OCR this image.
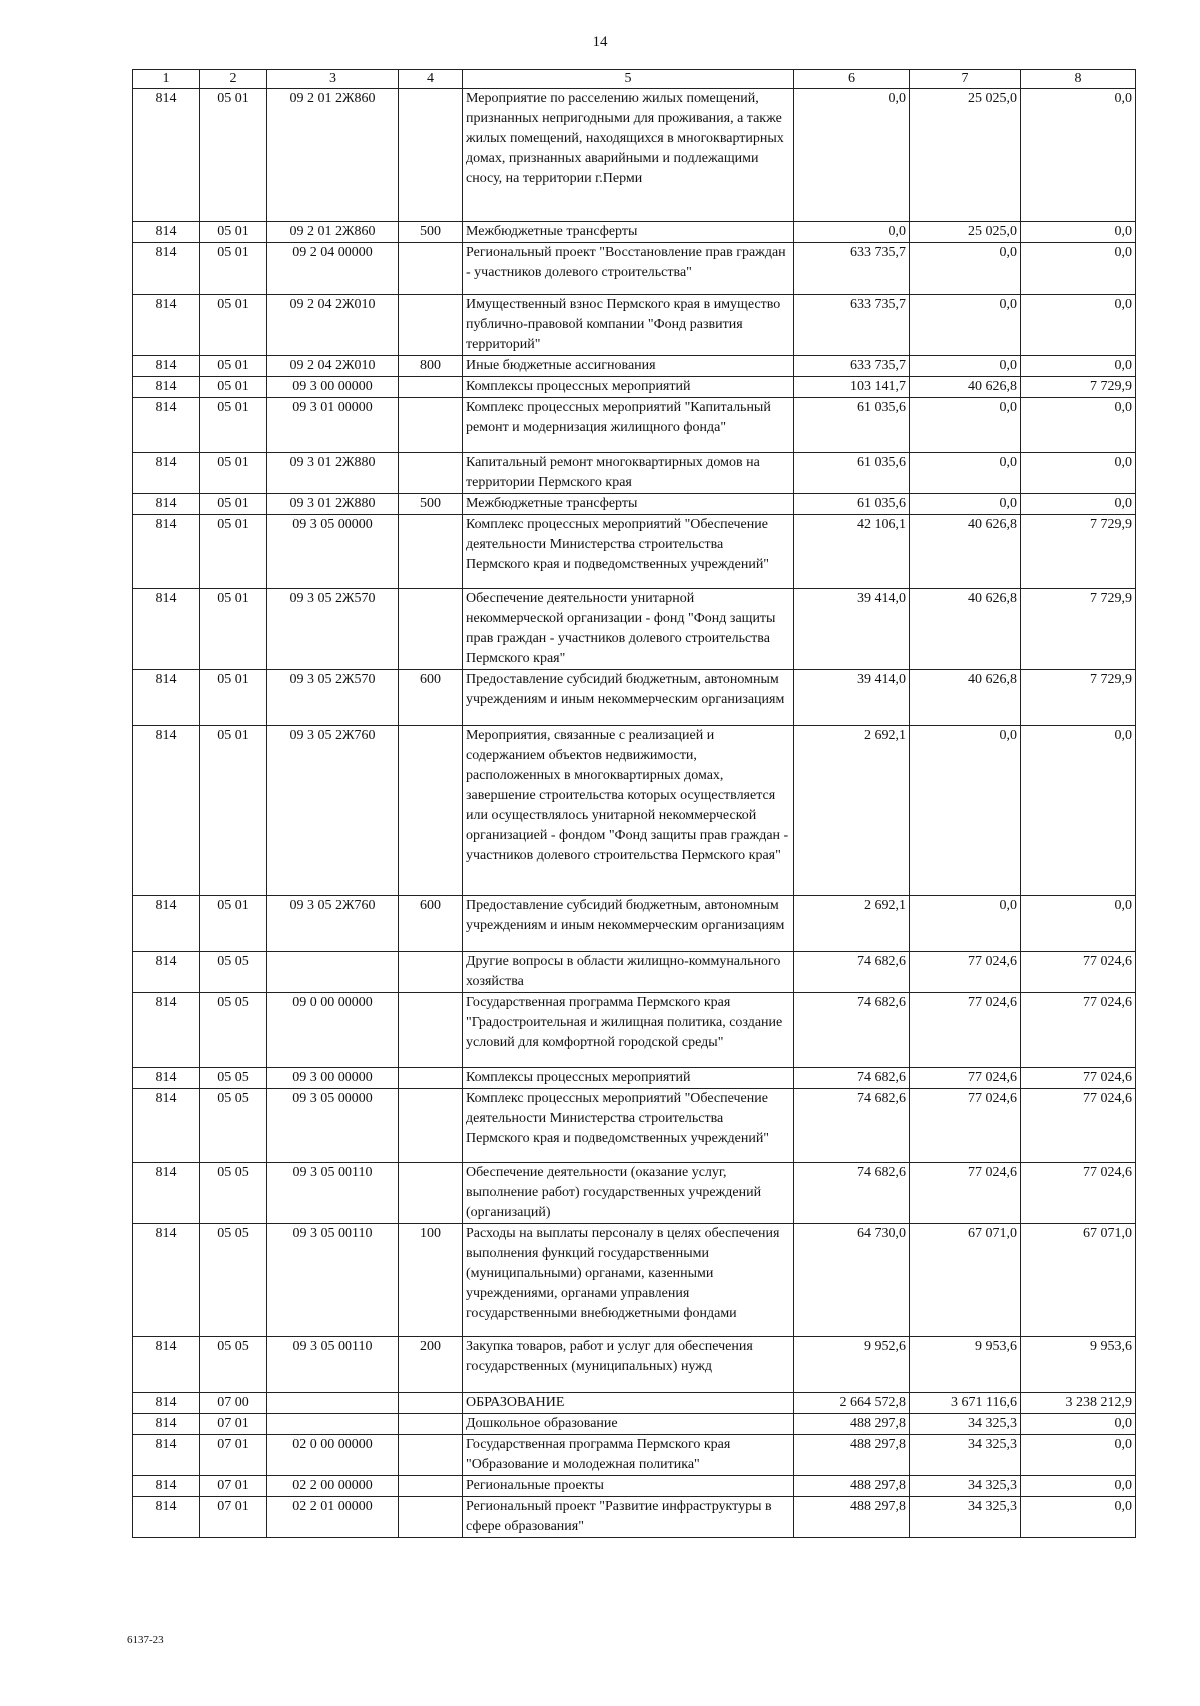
14
1	2	3	4	5	6	7	8
814	05 01	09 2 01 2Ж860		Мероприятие по расселению жилых помещений, признанных непригодными для проживания, а также жилых помещений, находящихся в многоквартирных домах, признанных аварийными и подлежащими сносу, на территории г.Перми	0,0	25 025,0	0,0
814	05 01	09 2 01 2Ж860	500	Межбюджетные трансферты	0,0	25 025,0	0,0
814	05 01	09 2 04 00000		Региональный проект "Восстановление прав граждан - участников долевого строительства"	633 735,7	0,0	0,0
814	05 01	09 2 04 2Ж010		Имущественный взнос Пермского края в имущество публично-правовой компании "Фонд развития территорий"	633 735,7	0,0	0,0
814	05 01	09 2 04 2Ж010	800	Иные бюджетные ассигнования	633 735,7	0,0	0,0
814	05 01	09 3 00 00000		Комплексы процессных мероприятий	103 141,7	40 626,8	7 729,9
814	05 01	09 3 01 00000		Комплекс процессных мероприятий "Капитальный ремонт и модернизация жилищного фонда"	61 035,6	0,0	0,0
814	05 01	09 3 01 2Ж880		Капитальный ремонт многоквартирных домов на территории Пермского края	61 035,6	0,0	0,0
814	05 01	09 3 01 2Ж880	500	Межбюджетные трансферты	61 035,6	0,0	0,0
814	05 01	09 3 05 00000		Комплекс процессных мероприятий "Обеспечение деятельности Министерства строительства Пермского края и подведомственных учреждений"	42 106,1	40 626,8	7 729,9
814	05 01	09 3 05 2Ж570		Обеспечение деятельности унитарной некоммерческой организации - фонд "Фонд защиты прав граждан - участников долевого строительства Пермского края"	39 414,0	40 626,8	7 729,9
814	05 01	09 3 05 2Ж570	600	Предоставление субсидий бюджетным, автономным учреждениям и иным некоммерческим организациям	39 414,0	40 626,8	7 729,9
814	05 01	09 3 05 2Ж760		Мероприятия, связанные с реализацией и содержанием объектов недвижимости, расположенных в многоквартирных домах, завершение строительства которых осуществляется или осуществлялось унитарной некоммерческой организацией - фондом "Фонд защиты прав граждан - участников долевого строительства Пермского края"	2 692,1	0,0	0,0
814	05 01	09 3 05 2Ж760	600	Предоставление субсидий бюджетным, автономным учреждениям и иным некоммерческим организациям	2 692,1	0,0	0,0
814	05 05			Другие вопросы в области жилищно-коммунального хозяйства	74 682,6	77 024,6	77 024,6
814	05 05	09 0 00 00000		Государственная программа Пермского края "Градостроительная и жилищная политика, создание условий для комфортной городской среды"	74 682,6	77 024,6	77 024,6
814	05 05	09 3 00 00000		Комплексы процессных мероприятий	74 682,6	77 024,6	77 024,6
814	05 05	09 3 05 00000		Комплекс процессных мероприятий "Обеспечение деятельности Министерства строительства Пермского края и подведомственных учреждений"	74 682,6	77 024,6	77 024,6
814	05 05	09 3 05 00110		Обеспечение деятельности (оказание услуг, выполнение работ) государственных учреждений (организаций)	74 682,6	77 024,6	77 024,6
814	05 05	09 3 05 00110	100	Расходы на выплаты персоналу в целях обеспечения выполнения функций государственными (муниципальными) органами, казенными учреждениями, органами управления государственными внебюджетными фондами	64 730,0	67 071,0	67 071,0
814	05 05	09 3 05 00110	200	Закупка товаров, работ и услуг для обеспечения государственных (муниципальных) нужд	9 952,6	9 953,6	9 953,6
814	07 00			ОБРАЗОВАНИЕ	2 664 572,8	3 671 116,6	3 238 212,9
814	07 01			Дошкольное образование	488 297,8	34 325,3	0,0
814	07 01	02 0 00 00000		Государственная программа Пермского края "Образование и молодежная политика"	488 297,8	34 325,3	0,0
814	07 01	02 2 00 00000		Региональные проекты	488 297,8	34 325,3	0,0
814	07 01	02 2 01 00000		Региональный проект "Развитие инфраструктуры в сфере образования"	488 297,8	34 325,3	0,0
6137-23
